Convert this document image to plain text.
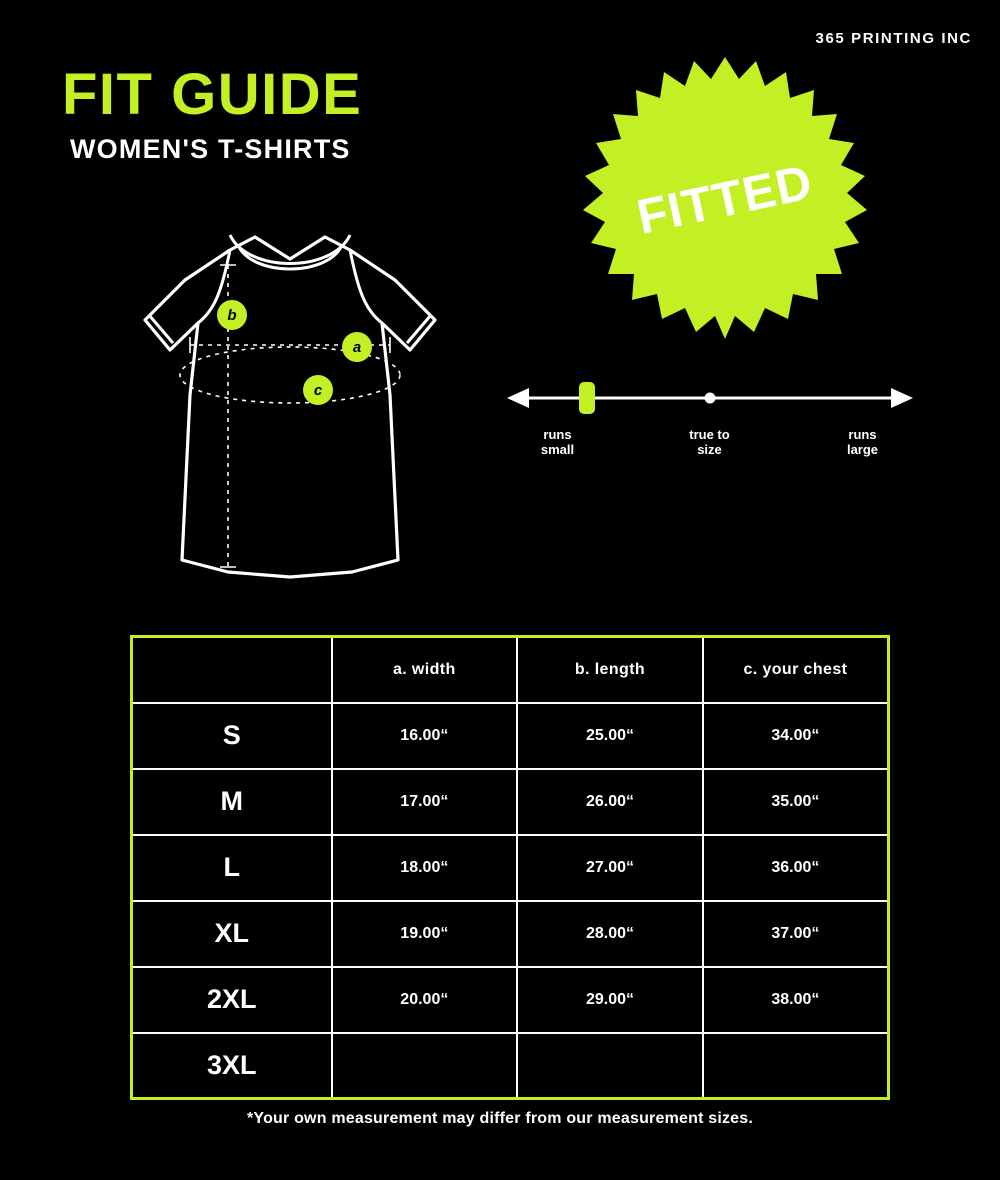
365 PRINTING INC
FIT GUIDE
WOMEN'S T-SHIRTS
b
a
c
FITTED
runs
small
true to
size
runs
large
	a. width	b. length	c. your chest
S	16.00“	25.00“	34.00“
M	17.00“	26.00“	35.00“
L	18.00“	27.00“	36.00“
XL	19.00“	28.00“	37.00“
2XL	20.00“	29.00“	38.00“
3XL			
*Your own measurement may differ from our measurement sizes.
